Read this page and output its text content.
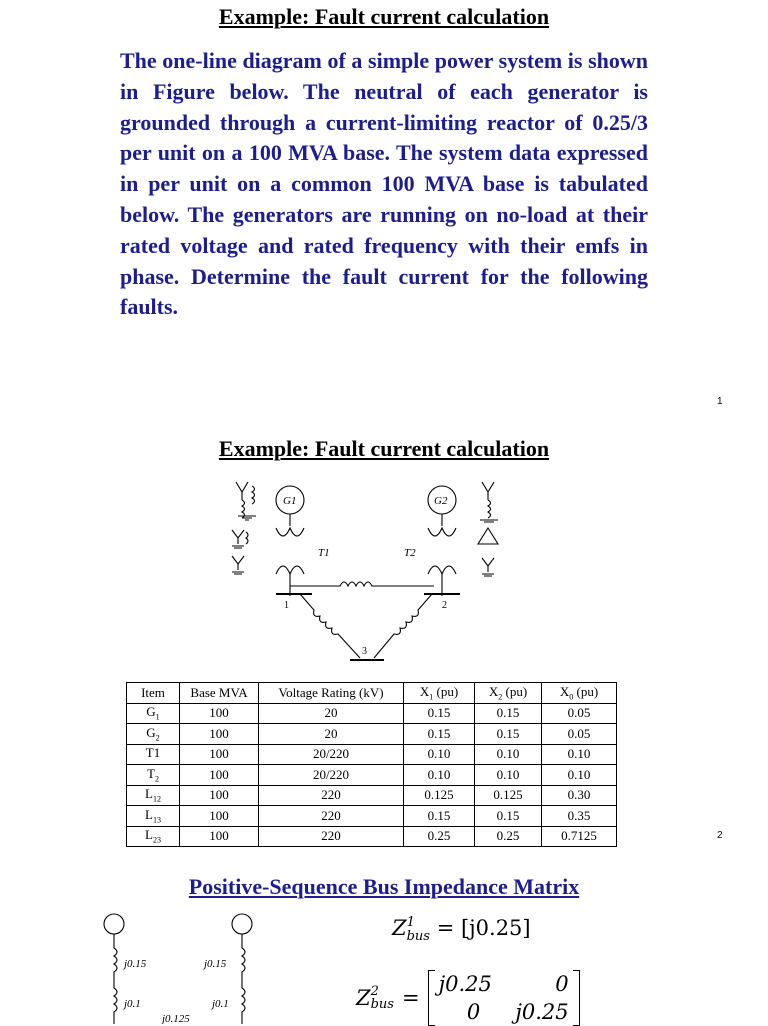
Example: Fault current calculation
The one-line diagram of a simple power system is shown in Figure below. The neutral of each generator is grounded through a current-limiting reactor of 0.25/3 per unit on a 100 MVA base. The system data expressed in per unit on a common 100 MVA base is tabulated below. The generators are running on no-load at their rated voltage and rated frequency with their emfs in phase. Determine the fault current for the following faults.
1
Example: Fault current calculation
G1
T1
1
G2
T2
2
3
Item	Base MVA	Voltage Rating (kV)	$X_1$ (pu)	$X_2$ (pu)	$X_0$ (pu)
$G_1$	100	20	0.15	0.15	0.05
$G_2$	100	20	0.15	0.15	0.05
T1	100	20/220	0.10	0.10	0.10
$T_2$	100	20/220	0.10	0.10	0.10
$L_{12}$	100	220	0.125	0.125	0.30
$L_{13}$	100	220	0.15	0.15	0.35
$L_{23}$	100	220	0.25	0.25	0.7125	2
Positive-Sequence Bus Impedance Matrix
j0.15	j0.15
j0.1	j0.1
j0.125
Z 1
bus = [j0.25]
Z 2
bus =
j0.25	0
0	j0.25
